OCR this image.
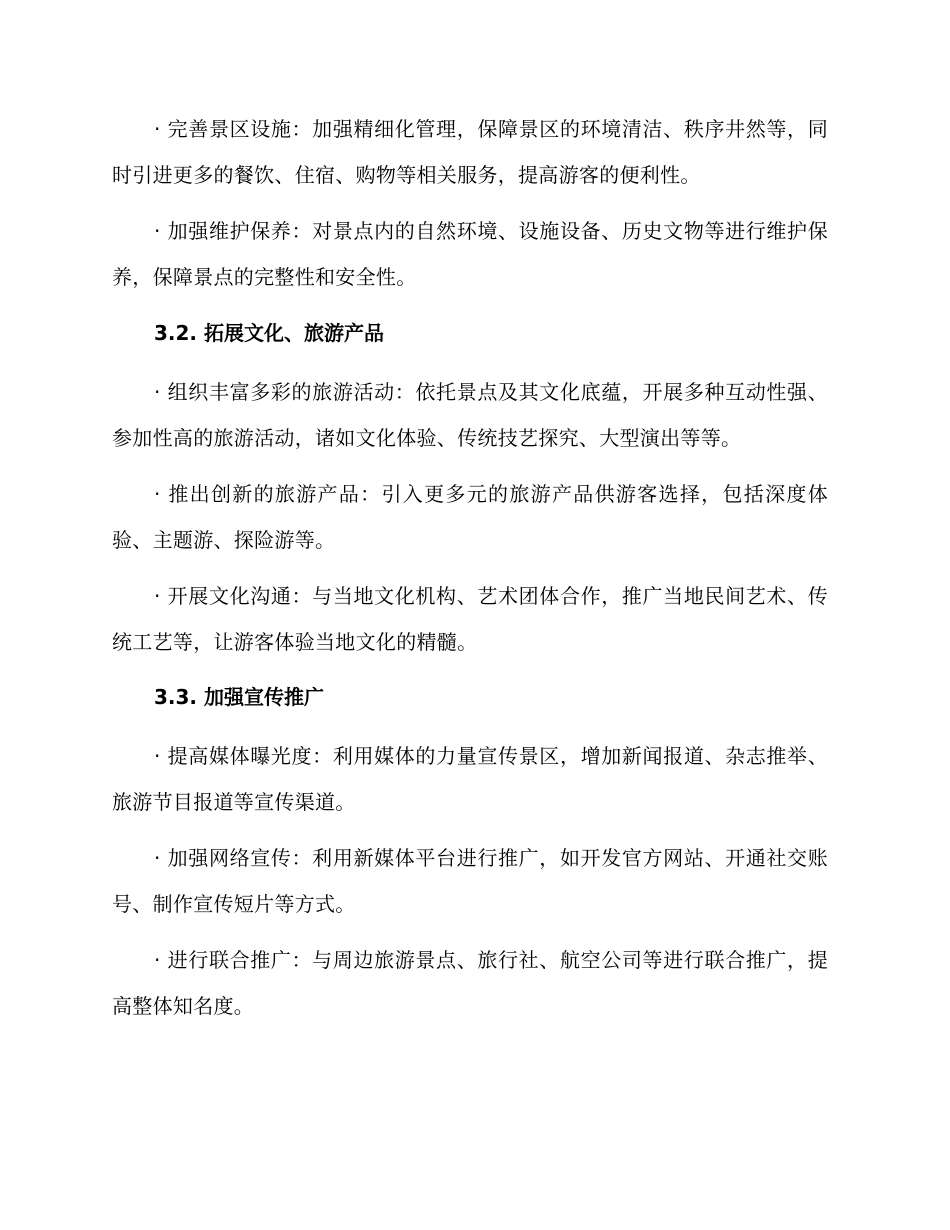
· 完善景区设施：加强精细化管理，保障景区的环境清洁、秩序井然等，同时引进更多的餐饮、住宿、购物等相关服务，提高游客的便利性。

· 加强维护保养：对景点内的自然环境、设施设备、历史文物等进行维护保养，保障景点的完整性和安全性。

3.2. 拓展文化、旅游产品

· 组织丰富多彩的旅游活动：依托景点及其文化底蕴，开展多种互动性强、参加性高的旅游活动，诸如文化体验、传统技艺探究、大型演出等等。

· 推出创新的旅游产品：引入更多元的旅游产品供游客选择，包括深度体验、主题游、探险游等。

· 开展文化沟通：与当地文化机构、艺术团体合作，推广当地民间艺术、传统工艺等，让游客体验当地文化的精髓。

3.3. 加强宣传推广

· 提高媒体曝光度：利用媒体的力量宣传景区，增加新闻报道、杂志推举、旅游节目报道等宣传渠道。

· 加强网络宣传：利用新媒体平台进行推广，如开发官方网站、开通社交账号、制作宣传短片等方式。

· 进行联合推广：与周边旅游景点、旅行社、航空公司等进行联合推广，提高整体知名度。
